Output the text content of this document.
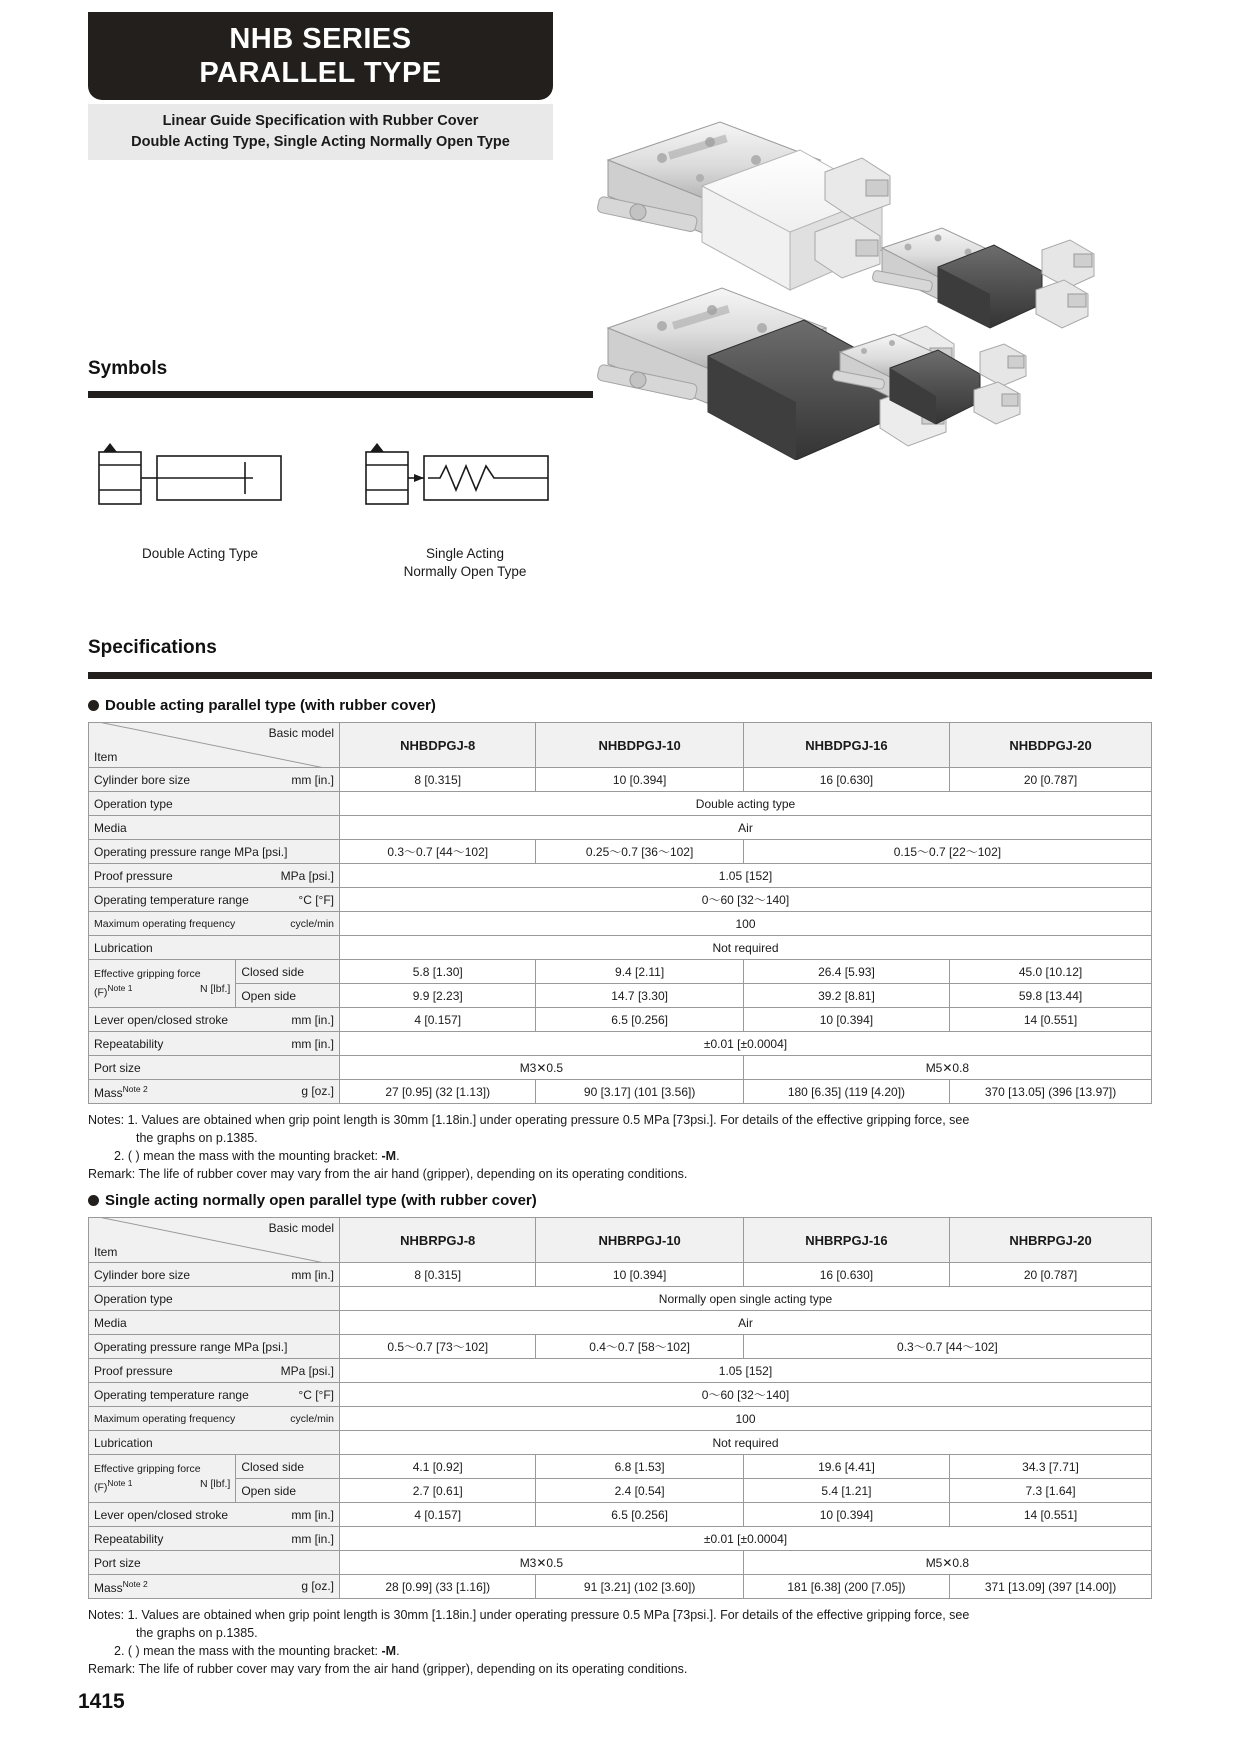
NHB SERIES
PARALLEL TYPE
Linear Guide Specification with Rubber Cover
Double Acting Type, Single Acting Normally Open Type
Symbols
Double Acting Type	Single Acting
Normally Open Type
Specifications
Double acting parallel type (with rubber cover)
Basic model
Item		NHBDPGJ-8	NHBDPGJ-10	NHBDPGJ-16	NHBDPGJ-20
Cylinder bore size mm [in.]		8 [0.315]	10 [0.394]	16 [0.630]	20 [0.787]
Operation type		Double acting type			
Media		Air			
Operating pressure range MPa [psi.]		0.3～0.7 [44～102]	0.25～0.7 [36～102]	0.15～0.7 [22～102]	
Proof pressure MPa [psi.]		1.05 [152]			
Operating temperature range °C [°F]		0～60 [32～140]			
Maximum operating frequency cycle/min		100			
Lubrication		Not required			

Effective gripping force
(F)$^{Note 1}$ N [lbf.]	Closed side	5.8 [1.30]	9.4 [2.11]	26.4 [5.93]	45.0 [10.12]
	Open side	9.9 [2.23]	14.7 [3.30]	39.2 [8.81]	59.8 [13.44]
Lever open/closed stroke mm [in.]		4 [0.157]	6.5 [0.256]	10 [0.394]	14 [0.551]
Repeatability mm [in.]		±0.01 [±0.0004]			
Port size		M3✕0.5		M5✕0.8	
Mass$^{Note 2}$ g [oz.]		27 [0.95] (32 [1.13])	90 [3.17] (101 [3.56])	180 [6.35] (119 [4.20])	370 [13.05] (396 [13.97])
Notes: 1. Values are obtained when grip point length is 30mm [1.18in.] under operating pressure 0.5 MPa [73psi.]. For details of the effective gripping force, see
the graphs on p.1385.
2. ( ) mean the mass with the mounting bracket: -M.
Remark: The life of rubber cover may vary from the air hand (gripper), depending on its operating conditions.
Single acting normally open parallel type (with rubber cover)
Basic model
Item		NHBRPGJ-8	NHBRPGJ-10	NHBRPGJ-16	NHBRPGJ-20
Cylinder bore size mm [in.]		8 [0.315]	10 [0.394]	16 [0.630]	20 [0.787]
Operation type		Normally open single acting type			
Media		Air			
Operating pressure range MPa [psi.]		0.5～0.7 [73～102]	0.4～0.7 [58～102]	0.3～0.7 [44～102]	
Proof pressure MPa [psi.]		1.05 [152]			
Operating temperature range °C [°F]		0～60 [32～140]			
Maximum operating frequency cycle/min		100			
Lubrication		Not required			

Effective gripping force
(F)$^{Note 1}$ N [lbf.]	Closed side	4.1 [0.92]	6.8 [1.53]	19.6 [4.41]	34.3 [7.71]
	Open side	2.7 [0.61]	2.4 [0.54]	5.4 [1.21]	7.3 [1.64]
Lever open/closed stroke mm [in.]		4 [0.157]	6.5 [0.256]	10 [0.394]	14 [0.551]
Repeatability mm [in.]		±0.01 [±0.0004]			
Port size		M3✕0.5		M5✕0.8	
Mass$^{Note 2}$ g [oz.]		28 [0.99] (33 [1.16])	91 [3.21] (102 [3.60])	181 [6.38] (200 [7.05])	371 [13.09] (397 [14.00])
Notes: 1. Values are obtained when grip point length is 30mm [1.18in.] under operating pressure 0.5 MPa [73psi.]. For details of the effective gripping force, see
the graphs on p.1385.
2. ( ) mean the mass with the mounting bracket: -M.
Remark: The life of rubber cover may vary from the air hand (gripper), depending on its operating conditions.
1415
